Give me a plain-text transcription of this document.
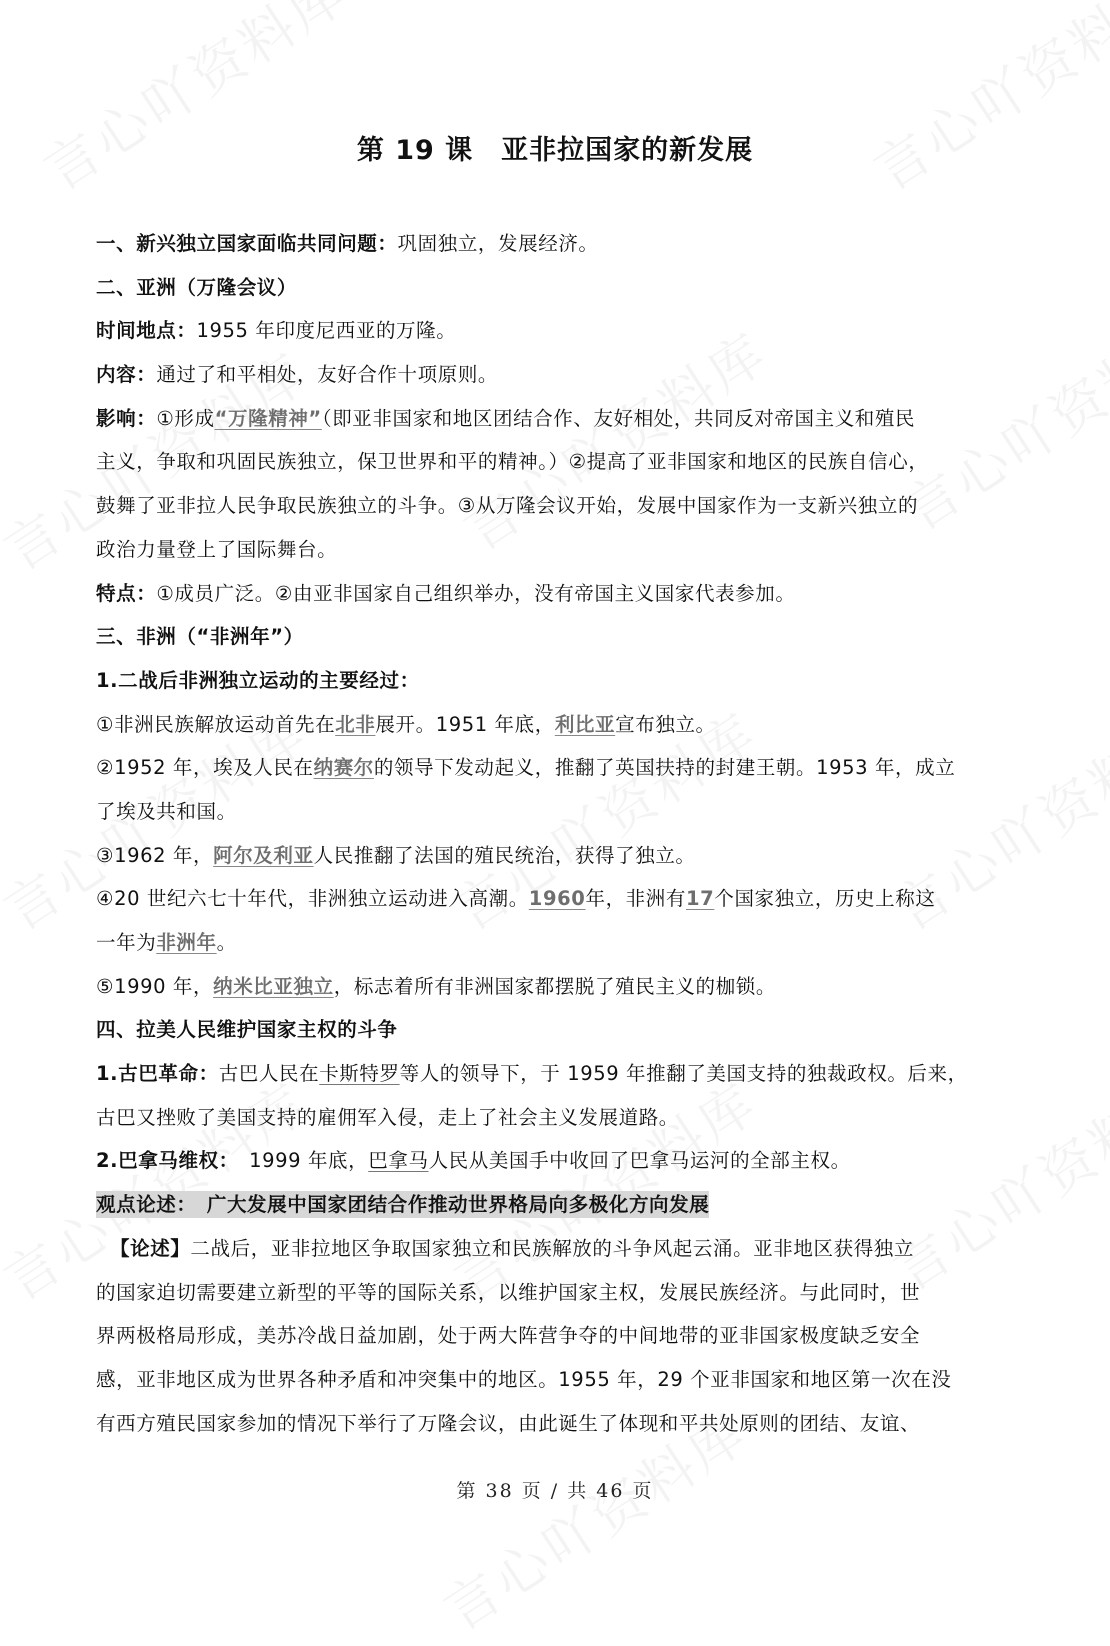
第 19 课　亚非拉国家的新发展
一、新兴独立国家面临共同问题：巩固独立，发展经济。
二、亚洲（万隆会议）
时间地点：1955 年印度尼西亚的万隆。
内容：通过了和平相处，友好合作十项原则。
影响：①形成“万隆精神”（即亚非国家和地区团结合作、友好相处，共同反对帝国主义和殖民
主义，争取和巩固民族独立，保卫世界和平的精神。）②提高了亚非国家和地区的民族自信心，
鼓舞了亚非拉人民争取民族独立的斗争。③从万隆会议开始，发展中国家作为一支新兴独立的
政治力量登上了国际舞台。
特点：①成员广泛。②由亚非国家自己组织举办，没有帝国主义国家代表参加。
三、非洲（“非洲年”）
1.二战后非洲独立运动的主要经过：
①非洲民族解放运动首先在北非展开。1951 年底，利比亚宣布独立。
②1952 年，埃及人民在纳赛尔的领导下发动起义，推翻了英国扶持的封建王朝。1953 年，成立
了埃及共和国。
③1962 年，阿尔及利亚人民推翻了法国的殖民统治，获得了独立。
④20 世纪六七十年代，非洲独立运动进入高潮。1960年，非洲有17个国家独立，历史上称这
一年为非洲年。
⑤1990 年，纳米比亚独立，标志着所有非洲国家都摆脱了殖民主义的枷锁。
四、拉美人民维护国家主权的斗争
1.古巴革命：古巴人民在卡斯特罗等人的领导下，于 1959 年推翻了美国支持的独裁政权。后来，
古巴又挫败了美国支持的雇佣军入侵，走上了社会主义发展道路。
2.巴拿马维权：　1999 年底，巴拿马人民从美国手中收回了巴拿马运河的全部主权。
观点论述：　广大发展中国家团结合作推动世界格局向多极化方向发展
【论述】二战后，亚非拉地区争取国家独立和民族解放的斗争风起云涌。亚非地区获得独立
的国家迫切需要建立新型的平等的国际关系，以维护国家主权，发展民族经济。与此同时，世
界两极格局形成，美苏冷战日益加剧，处于两大阵营争夺的中间地带的亚非国家极度缺乏安全
感，亚非地区成为世界各种矛盾和冲突集中的地区。1955 年，29 个亚非国家和地区第一次在没
有西方殖民国家参加的情况下举行了万隆会议，由此诞生了体现和平共处原则的团结、友谊、
第 38 页 / 共 46 页
